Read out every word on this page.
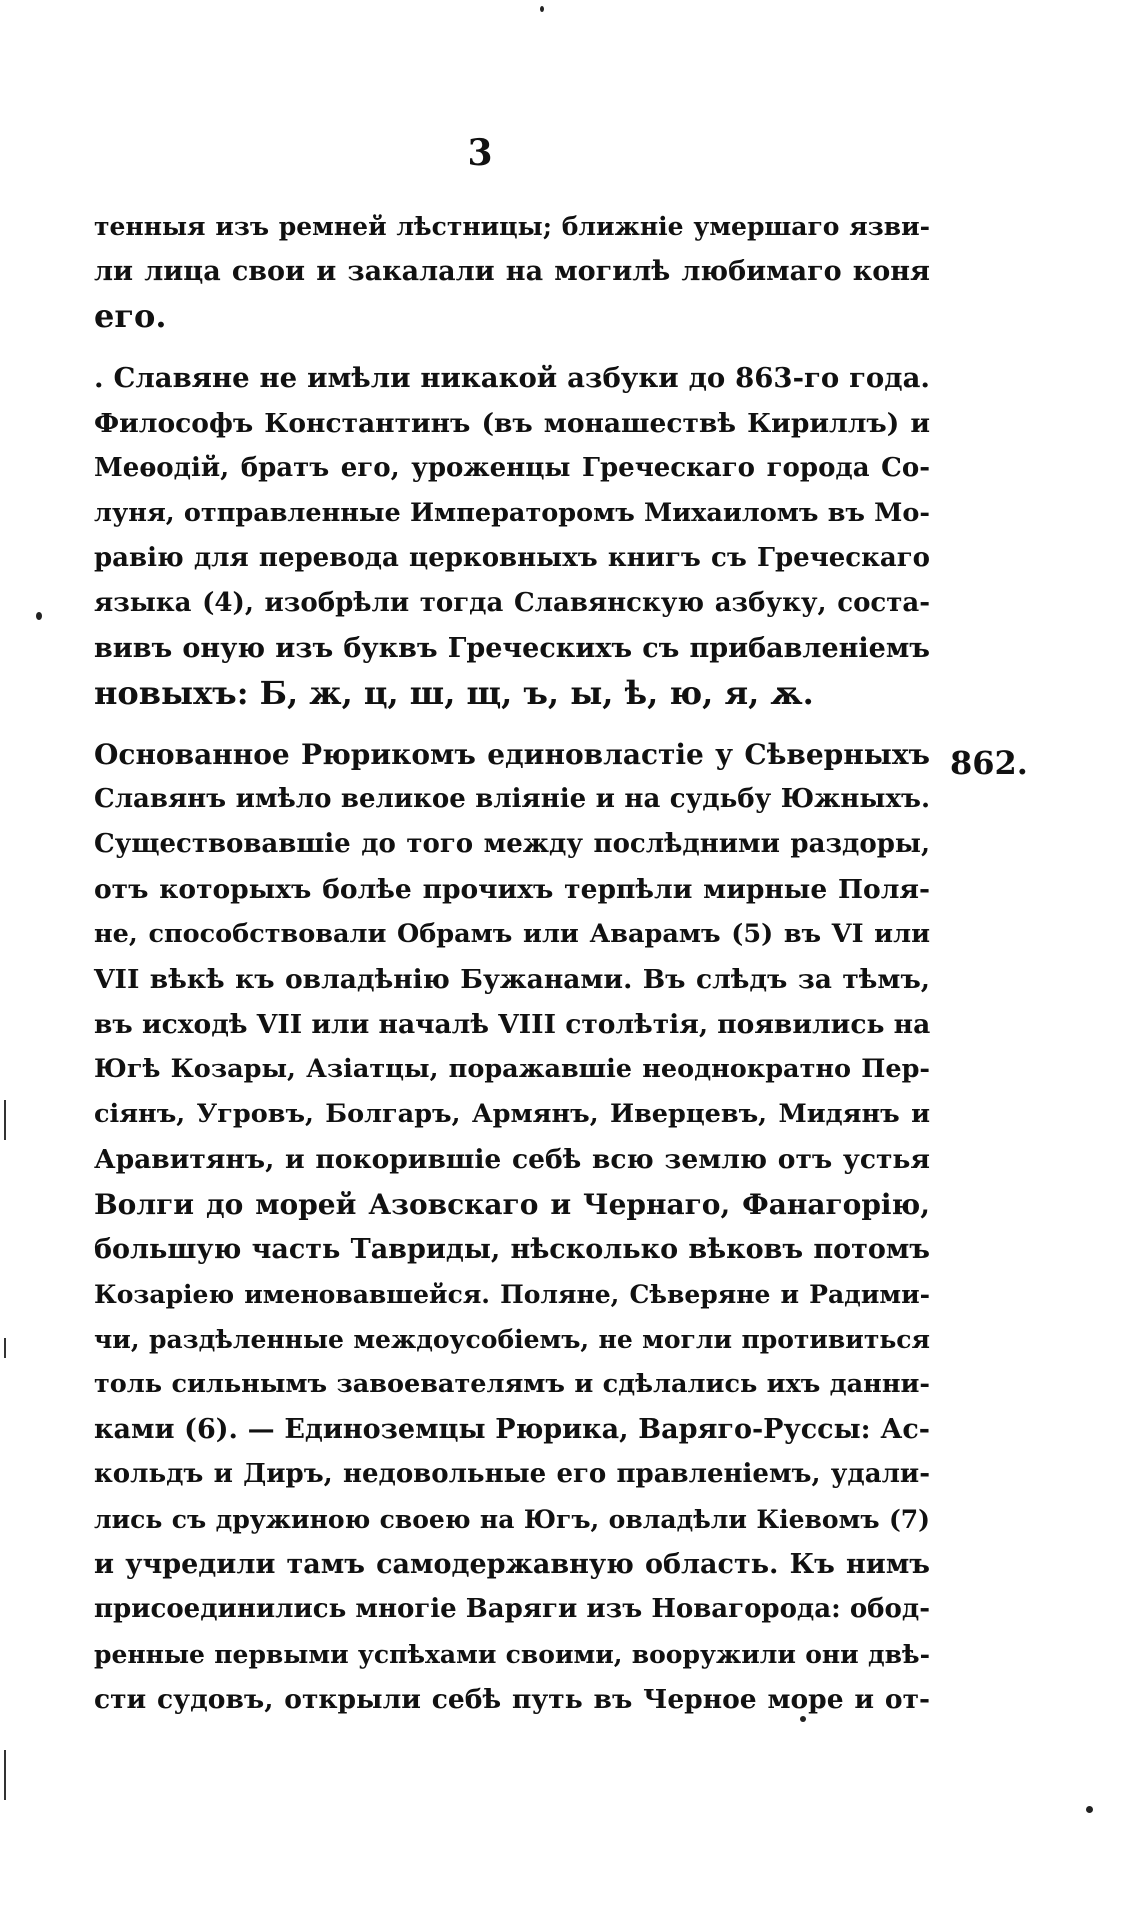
3
тенныя изъ ремней лѣстницы; ближніе умершаго язви-
ли лица свои и закалали на могилѣ любимаго коня
его.
. Славяне не имѣли никакой азбуки до 863-го года.
Философъ Константинъ (въ монашествѣ Кириллъ) и
Меѳодій, братъ его, уроженцы Греческаго города Со-
луня, отправленные Императоромъ Михаиломъ въ Мо-
равію для перевода церковныхъ книгъ съ Греческаго
языка (4), изобрѣли тогда Славянскую азбуку, соста-
вивъ оную изъ буквъ Греческихъ съ прибавленіемъ
новыхъ: Б, ж, ц, ш, щ, ъ, ы, ѣ, ю, я, ѫ.
Основанное Рюрикомъ единовластіе у Сѣверныхъ
Славянъ имѣло великое вліяніе и на судьбу Южныхъ.
Существовавшіе до того между послѣдними раздоры,
отъ которыхъ болѣе прочихъ терпѣли мирные Поля-
не, способствовали Обрамъ или Аварамъ (5) въ VI или
VII вѣкѣ къ овладѣнію Бужанами. Въ слѣдъ за тѣмъ,
въ исходѣ VII или началѣ VIII столѣтія, появились на
Югѣ Козары, Азіатцы, поражавшіе неоднократно Пер-
сіянъ, Угровъ, Болгаръ, Армянъ, Иверцевъ, Мидянъ и
Аравитянъ, и покорившіе себѣ всю землю отъ устья
Волги до морей Азовскаго и Чернаго, Фанагорію,
большую часть Тавриды, нѣсколько вѣковъ потомъ
Козаріею именовавшейся. Поляне, Сѣверяне и Радими-
чи, раздѣленные междоусобіемъ, не могли противиться
толь сильнымъ завоевателямъ и сдѣлались ихъ данни-
ками (6). — Единоземцы Рюрика, Варяго-Руссы: Ас-
кольдъ и Диръ, недовольные его правленіемъ, удали-
лись съ дружиною своею на Югъ, овладѣли Кіевомъ (7)
и учредили тамъ самодержавную область. Къ нимъ
присоединились многіе Варяги изъ Новагорода: обод-
ренные первыми успѣхами своими, вооружили они двѣ-
сти судовъ, открыли себѣ путь въ Черное море и от-
862.
